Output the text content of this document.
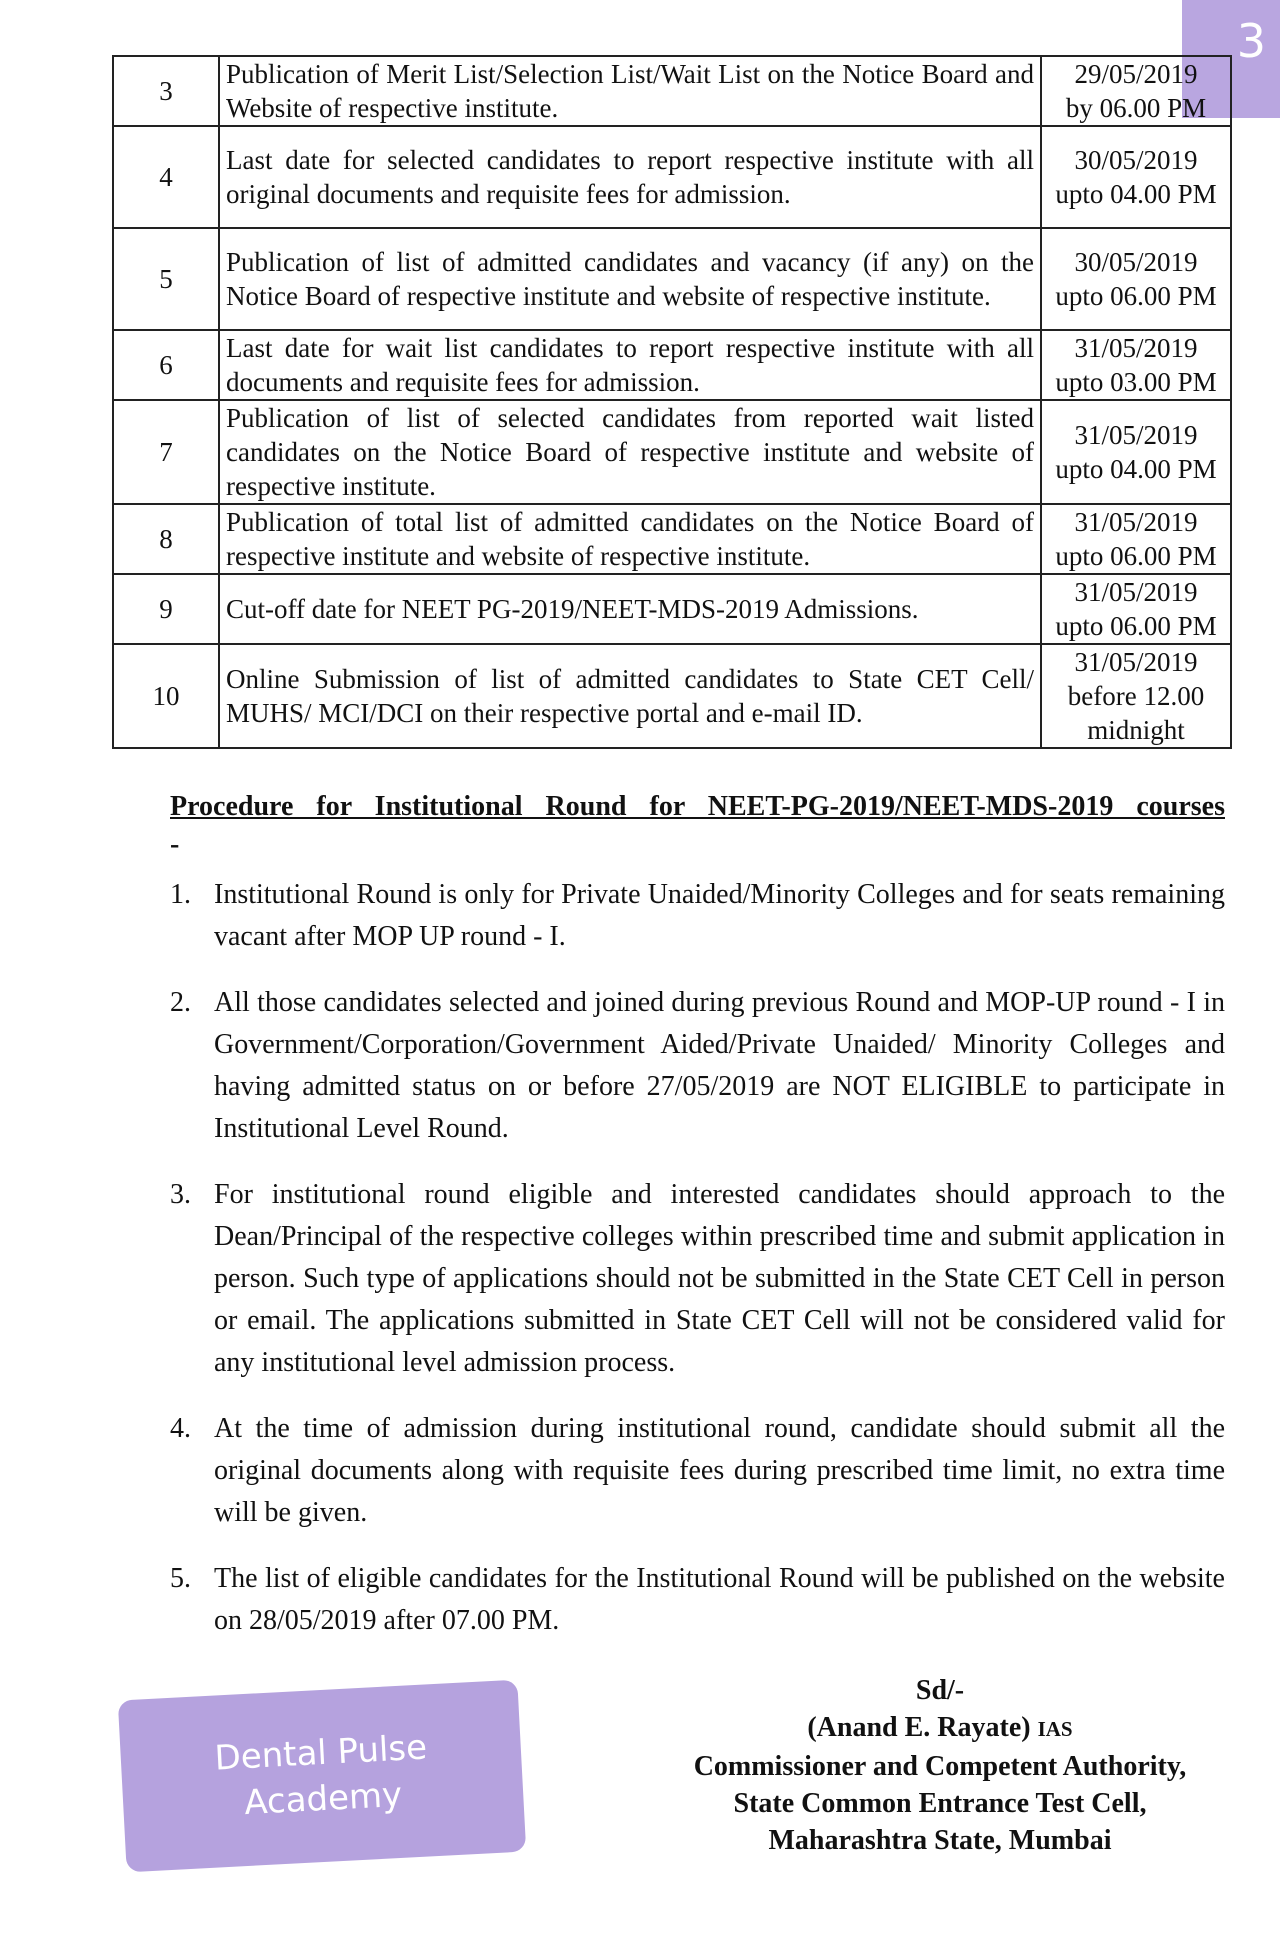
3
3	Publication of Merit List/Selection List/Wait List on the Notice Board and Website of respective institute.	29/05/2019
by 06.00 PM

4	Last date for selected candidates to report respective institute with all original documents and requisite fees for admission.	30/05/2019
upto 04.00 PM

5	Publication of list of admitted candidates and vacancy (if any) on the Notice Board of respective institute and website of respective institute.	30/05/2019
upto 06.00 PM

6	Last date for wait list candidates to report respective institute with all documents and requisite fees for admission.	31/05/2019
upto 03.00 PM

7	Publication of list of selected candidates from reported wait listed candidates on the Notice Board of respective institute and website of respective institute.	31/05/2019
upto 04.00 PM

8	Publication of total list of admitted candidates on the Notice Board of respective institute and website of respective institute.	31/05/2019
upto 06.00 PM

9	Cut-off date for NEET PG-2019/NEET-MDS-2019 Admissions.	31/05/2019
upto 06.00 PM

10	Online Submission of list of admitted candidates to State CET Cell/ MUHS/ MCI/DCI on their respective portal and e-mail ID.	31/05/2019
before 12.00 midnight
Procedure for Institutional Round for NEET-PG-2019/NEET-MDS-2019 courses -
1. Institutional Round is only for Private Unaided/Minority Colleges and for seats remaining vacant after MOP UP round - I.
2. All those candidates selected and joined during previous Round and MOP-UP round - I in Government/Corporation/Government Aided/Private Unaided/ Minority Colleges and having admitted status on or before 27/05/2019 are NOT ELIGIBLE to participate in Institutional Level Round.
3. For institutional round eligible and interested candidates should approach to the Dean/Principal of the respective colleges within prescribed time and submit application in person. Such type of applications should not be submitted in the State CET Cell in person or email. The applications submitted in State CET Cell will not be considered valid for any institutional level admission process.
4. At the time of admission during institutional round, candidate should submit all the original documents along with requisite fees during prescribed time limit, no extra time will be given.
5. The list of eligible candidates for the Institutional Round will be published on the website on 28/05/2019 after 07.00 PM.
Dental Pulse
Academy
Sd/-
(Anand E. Rayate) IAS
Commissioner and Competent Authority,
State Common Entrance Test Cell,
Maharashtra State, Mumbai
